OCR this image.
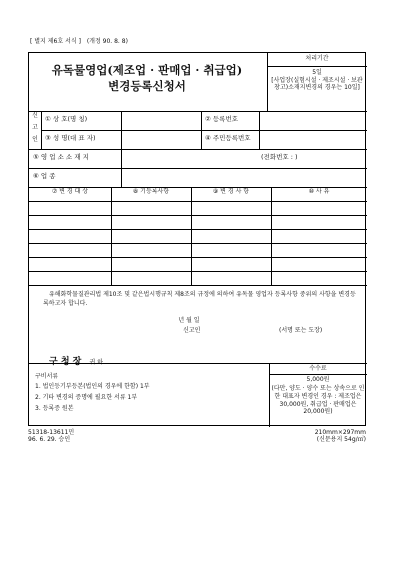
[ 별지 제6호 서식 ] (개정 90. 8. 8)
유독물영업(제조업 · 판매업 · 취급업)
변경등록신청서
처리기간
5일
[사업장(실험시설 · 제조시설 · 보관창고)소재지변경의 경우는 10일]
신
고
인
① 상 호(명 칭)	② 등록번호
③ 성 명(대 표 자)	④ 주민등록번호
⑤ 영 업 소 소 재 지	(전화번호 : )
⑥ 업 종
⑦ 변 경 대 상	⑧ 기등록사항	⑨ 변 경 사 항	⑩ 사 유
유해화학물질관리법 제10조 및 같은법시행규칙 제8조의 규정에 의하여 유독물 영업자 등록사항 중위의 사항을 변경등록하고자 합니다.
년 월 일
신고인	(서명 또는 도장)
구 청 장 귀 하
구비서류
1. 법인등기부등본(법인의 경우에 한함) 1부
2. 기타 변경의 증명에 필요한 서류 1부
3. 등록증 원본
수수료
5,000원
(다만, 양도 · 양수 또는 상속으로 인한 대표자 변경인 경우 : 제조업은 30,000원, 취급업 · 판매업은 20,000원)
51318-13611민
96. 6. 29. 승인
210mm×297mm
(신문용지 54g/㎡)
